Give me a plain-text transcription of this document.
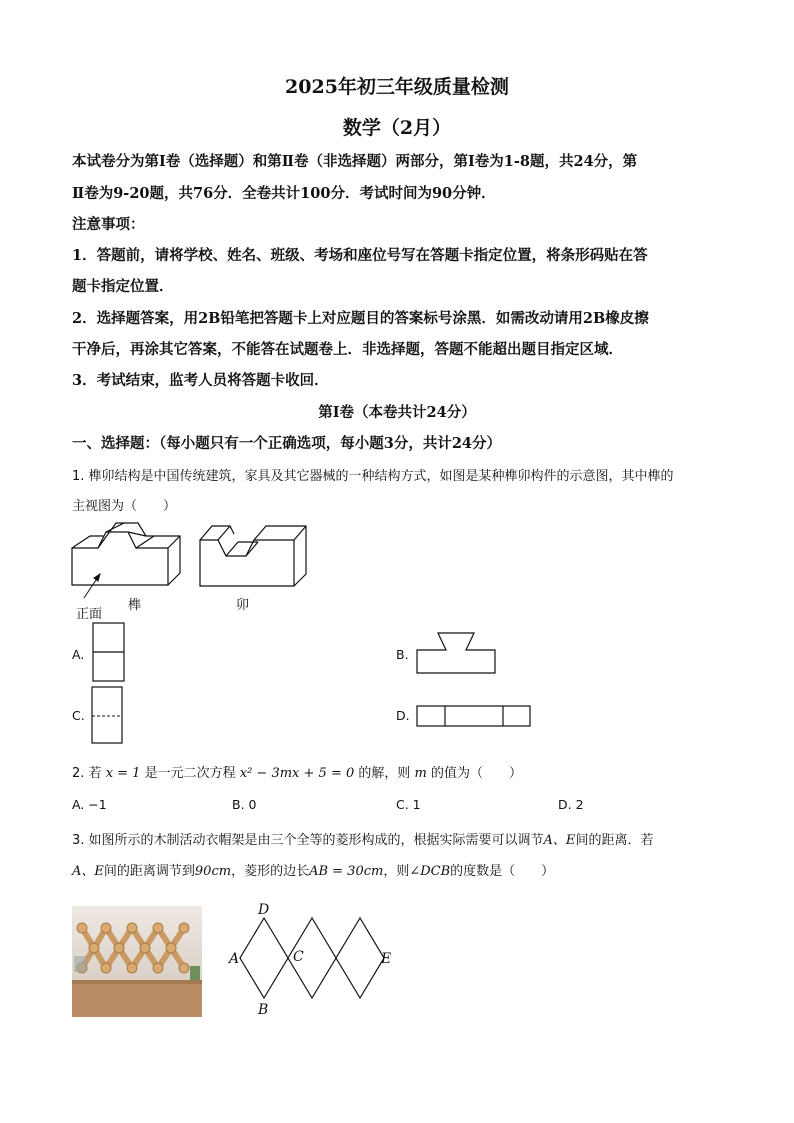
2025年初三年级质量检测
数学（2月）
本试卷分为第Ⅰ卷（选择题）和第Ⅱ卷（非选择题）两部分，第Ⅰ卷为1-8题，共24分，第
Ⅱ卷为9-20题，共76分．全卷共计100分．考试时间为90分钟．
注意事项：
1．答题前，请将学校、姓名、班级、考场和座位号写在答题卡指定位置，将条形码贴在答
题卡指定位置．
2．选择题答案，用2B铅笔把答题卡上对应题目的答案标号涂黑．如需改动请用2B橡皮擦
干净后，再涂其它答案，不能答在试题卷上．非选择题，答题不能超出题目指定区域．
3．考试结束，监考人员将答题卡收回．
第Ⅰ卷（本卷共计24分）
一、选择题：（每小题只有一个正确选项，每小题3分，共计24分）
1. 榫卯结构是中国传统建筑，家具及其它器械的一种结构方式，如图是某种榫卯构件的示意图，其中榫的
主视图为（　　）
正面
榫	卯
A.	B.
C.	D.
2. 若 x = 1 是一元二次方程 x² − 3mx + 5 = 0 的解，则 m 的值为（　　）
A. −1	B. 0	C. 1	D. 2
3. 如图所示的木制活动衣帽架是由三个全等的菱形构成的，根据实际需要可以调节A、E间的距离．若
A、E间的距离调节到90cm，菱形的边长AB = 30cm，则∠DCB的度数是（　　）
D
A	C	E
B
